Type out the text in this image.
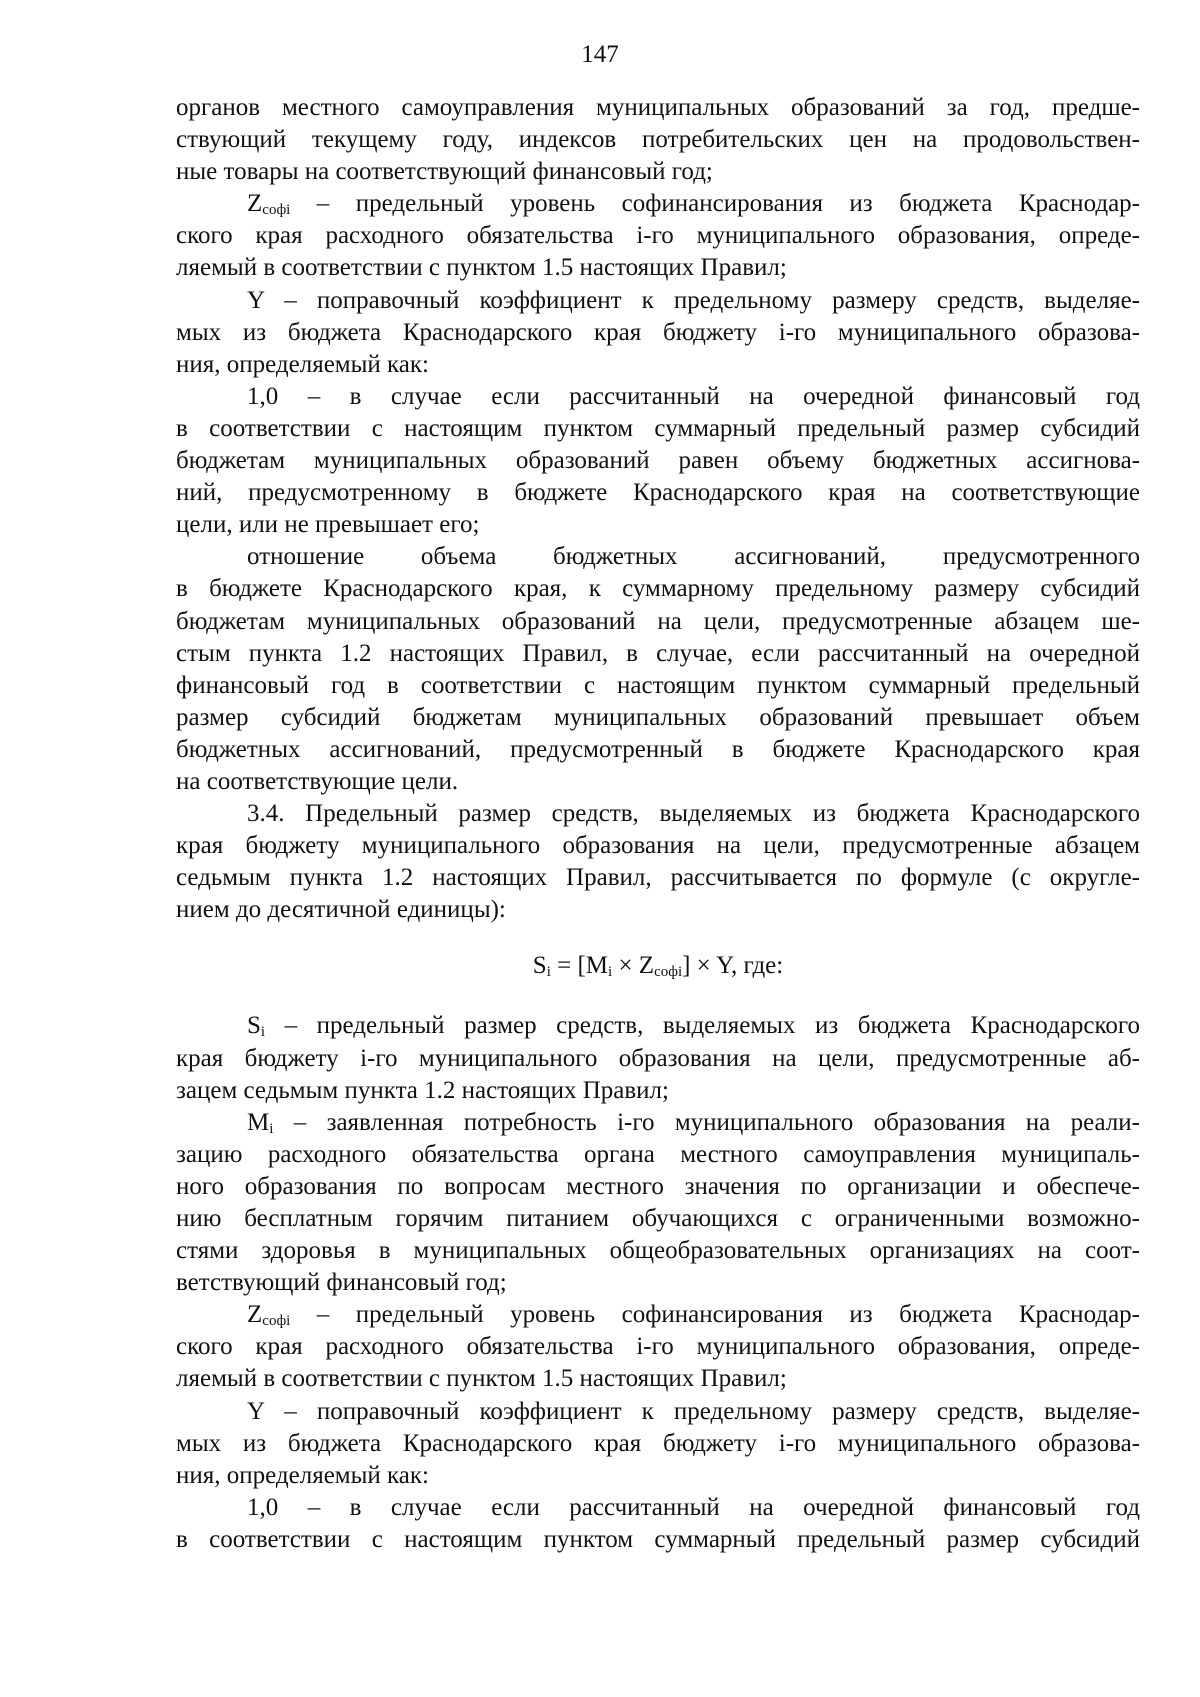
147
органов местного самоуправления муниципальных образований за год, предше-
ствующий текущему году, индексов потребительских цен на продовольствен-
ные товары на соответствующий финансовый год;
$Z_{софi}$ – предельный уровень софинансирования из бюджета Краснодар-
ского края расходного обязательства i-го муниципального образования, опреде-
ляемый в соответствии с пунктом 1.5 настоящих Правил;
Y – поправочный коэффициент к предельному размеру средств, выделяе-
мых из бюджета Краснодарского края бюджету i-го муниципального образова-
ния, определяемый как:
1,0 – в случае если рассчитанный на очередной финансовый год
в соответствии с настоящим пунктом суммарный предельный размер субсидий
бюджетам муниципальных образований равен объему бюджетных ассигнова-
ний, предусмотренному в бюджете Краснодарского края на соответствующие
цели, или не превышает его;
отношение объема бюджетных ассигнований, предусмотренного
в бюджете Краснодарского края, к суммарному предельному размеру субсидий
бюджетам муниципальных образований на цели, предусмотренные абзацем ше-
стым пункта 1.2 настоящих Правил, в случае, если рассчитанный на очередной
финансовый год в соответствии с настоящим пунктом суммарный предельный
размер субсидий бюджетам муниципальных образований превышает объем
бюджетных ассигнований, предусмотренный в бюджете Краснодарского края
на соответствующие цели.
3.4. Предельный размер средств, выделяемых из бюджета Краснодарского
края бюджету муниципального образования на цели, предусмотренные абзацем
седьмым пункта 1.2 настоящих Правил, рассчитывается по формуле (с округле-
нием до десятичной единицы):
$S_i = [M_i \times Z_{софi}] \times Y$, где:
$S_i$ – предельный размер средств, выделяемых из бюджета Краснодарского
края бюджету i-го муниципального образования на цели, предусмотренные аб-
зацем седьмым пункта 1.2 настоящих Правил;
$M_i$ – заявленная потребность i-го муниципального образования на реали-
зацию расходного обязательства органа местного самоуправления муниципаль-
ного образования по вопросам местного значения по организации и обеспече-
нию бесплатным горячим питанием обучающихся с ограниченными возможно-
стями здоровья в муниципальных общеобразовательных организациях на соот-
ветствующий финансовый год;
$Z_{софi}$ – предельный уровень софинансирования из бюджета Краснодар-
ского края расходного обязательства i-го муниципального образования, опреде-
ляемый в соответствии с пунктом 1.5 настоящих Правил;
Y – поправочный коэффициент к предельному размеру средств, выделяе-
мых из бюджета Краснодарского края бюджету i-го муниципального образова-
ния, определяемый как:
1,0 – в случае если рассчитанный на очередной финансовый год
в соответствии с настоящим пунктом суммарный предельный размер субсидий
